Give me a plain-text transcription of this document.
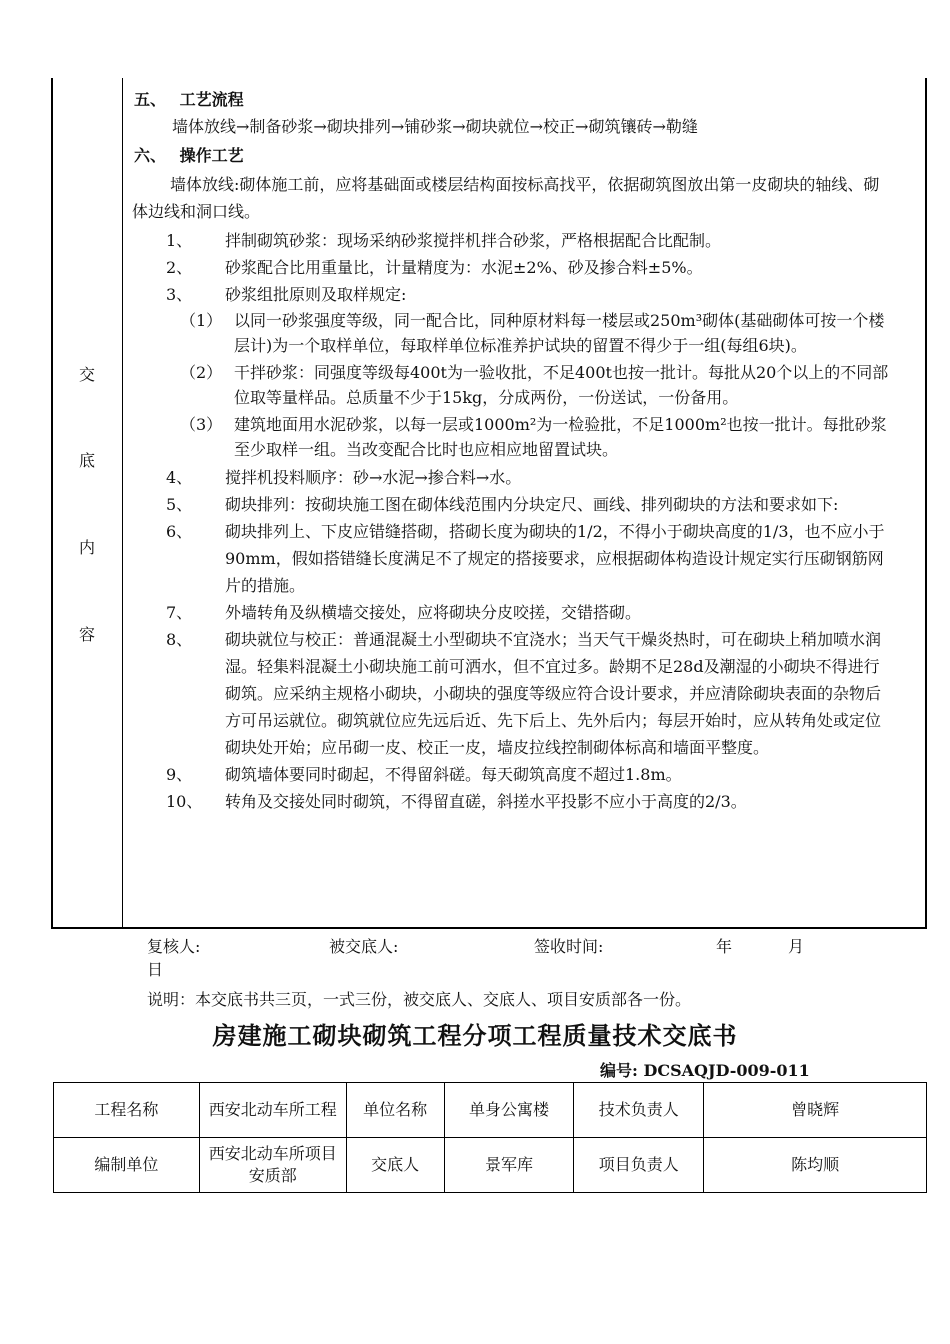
交
底
内
容
五、　 工艺流程
墙体放线→制备砂浆→砌块排列→铺砂浆→砌块就位→校正→砌筑镶砖→勒缝
六、　 操作工艺
墙体放线:砌体施工前，应将基础面或楼层结构面按标高找平，依据砌筑图放出第一皮砌块的轴线、砌体边线和洞口线。
1、	拌制砌筑砂浆：现场采纳砂浆搅拌机拌合砂浆，严格根据配合比配制。
2、	砂浆配合比用重量比，计量精度为：水泥±2%、砂及掺合料±5%。
3、	砂浆组批原则及取样规定:
（1） 以同一砂浆强度等级，同一配合比，同种原材料每一楼层或250m³砌体(基础砌体可按一个楼层计)为一个取样单位，每取样单位标准养护试块的留置不得少于一组(每组6块)。
（2） 干拌砂浆：同强度等级每400t为一验收批，不足400t也按一批计。每批从20个以上的不同部位取等量样品。总质量不少于15kg，分成两份，一份送试，一份备用。
（3） 建筑地面用水泥砂浆，以每一层或1000m²为一检验批，不足1000m²也按一批计。每批砂浆至少取样一组。当改变配合比时也应相应地留置试块。
4、	搅拌机投料顺序：砂→水泥→掺合料→水。
5、	砌块排列：按砌块施工图在砌体线范围内分块定尺、画线、排列砌块的方法和要求如下:
6、	砌块排列上、下皮应错缝搭砌，搭砌长度为砌块的1/2，不得小于砌块高度的1/3，也不应小于90mm，假如搭错缝长度满足不了规定的搭接要求，应根据砌体构造设计规定实行压砌钢筋网片的措施。
7、	外墙转角及纵横墙交接处，应将砌块分皮咬搓，交错搭砌。
8、	砌块就位与校正：普通混凝土小型砌块不宜浇水；当天气干燥炎热时，可在砌块上稍加喷水润湿。轻集料混凝土小砌块施工前可洒水，但不宜过多。龄期不足28d及潮湿的小砌块不得进行砌筑。应采纳主规格小砌块，小砌块的强度等级应符合设计要求，并应清除砌块表面的杂物后方可吊运就位。砌筑就位应先远后近、先下后上、先外后内；每层开始时，应从转角处或定位砌块处开始；应吊砌一皮、校正一皮，墙皮拉线控制砌体标高和墙面平整度。
9、	砌筑墙体要同时砌起，不得留斜磋。每天砌筑高度不超过1.8m。
10、	转角及交接处同时砌筑，不得留直磋，斜搓水平投影不应小于高度的2/3。
复核人:	被交底人:	签收时间:	年	月
日
说明：本交底书共三页，一式三份，被交底人、交底人、项目安质部各一份。
房建施工砌块砌筑工程分项工程质量技术交底书
编号: DCSAQJD-009-011
工程名称	西安北动车所工程	单位名称	单身公寓楼	技术负责人	曾晓辉
编制单位	西安北动车所项目安质部	交底人	景军库	项目负责人	陈均顺
